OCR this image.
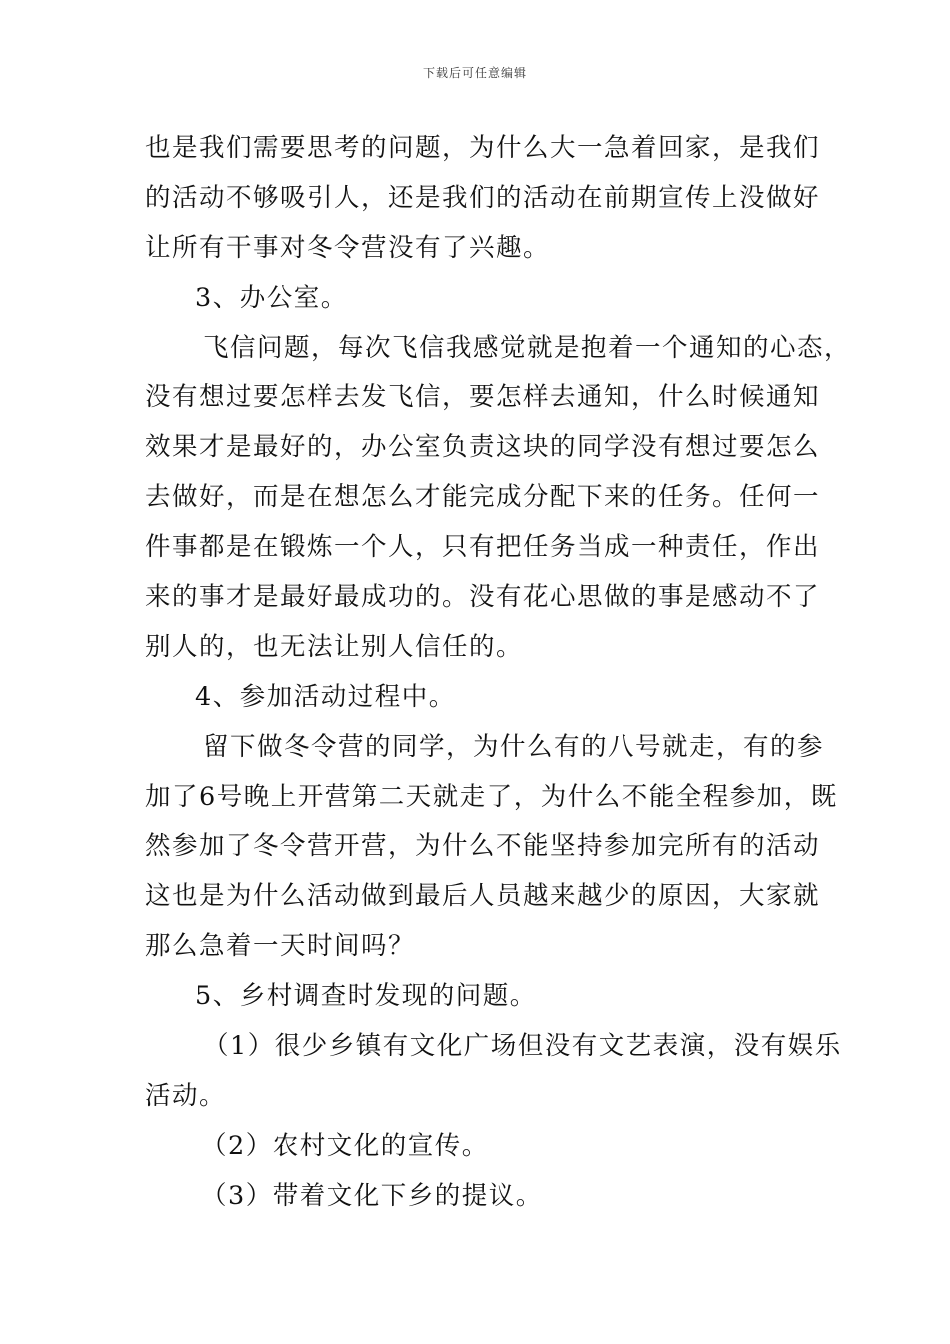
下载后可任意编辑
也是我们需要思考的问题，为什么大一急着回家，是我们
的活动不够吸引人，还是我们的活动在前期宣传上没做好
让所有干事对冬令营没有了兴趣。
3、办公室。
飞信问题，每次飞信我感觉就是抱着一个通知的心态，
没有想过要怎样去发飞信，要怎样去通知，什么时候通知
效果才是最好的，办公室负责这块的同学没有想过要怎么
去做好，而是在想怎么才能完成分配下来的任务。任何一
件事都是在锻炼一个人，只有把任务当成一种责任，作出
来的事才是最好最成功的。没有花心思做的事是感动不了
别人的，也无法让别人信任的。
4、参加活动过程中。
留下做冬令营的同学，为什么有的八号就走，有的参
加了6号晚上开营第二天就走了，为什么不能全程参加，既
然参加了冬令营开营，为什么不能坚持参加完所有的活动
这也是为什么活动做到最后人员越来越少的原因，大家就
那么急着一天时间吗？
5、乡村调查时发现的问题。
（1）很少乡镇有文化广场但没有文艺表演，没有娱乐
活动。
（2）农村文化的宣传。
（3）带着文化下乡的提议。
